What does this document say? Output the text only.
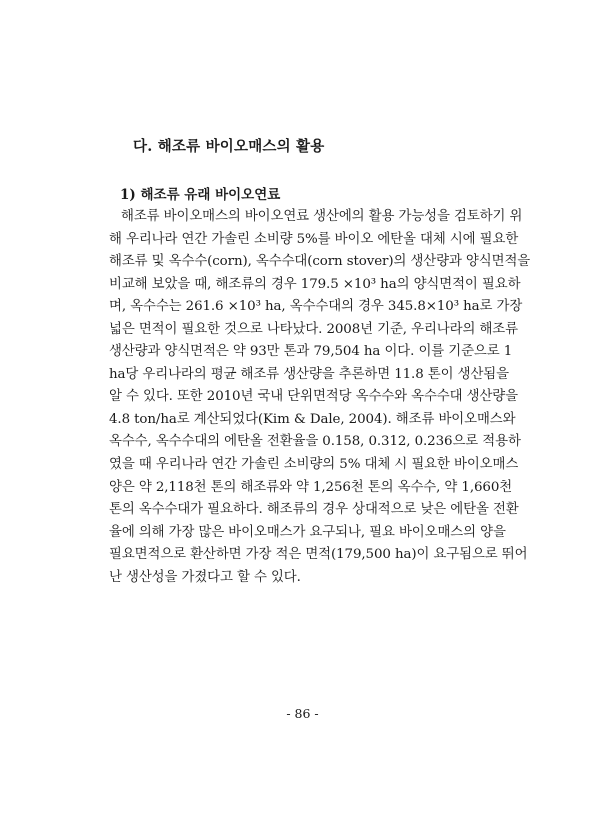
다. 해조류 바이오매스의 활용
1) 해조류 유래 바이오연료
해조류 바이오매스의 바이오연료 생산에의 활용 가능성을 검토하기 위
해 우리나라 연간 가솔린 소비량 5%를 바이오 에탄올 대체 시에 필요한
해조류 및 옥수수(corn), 옥수수대(corn stover)의 생산량과 양식면적을
비교해 보았을 때, 해조류의 경우 179.5 ×10³ ha의 양식면적이 필요하
며, 옥수수는 261.6 ×10³ ha, 옥수수대의 경우 345.8×10³ ha로 가장
넓은 면적이 필요한 것으로 나타났다. 2008년 기준, 우리나라의 해조류
생산량과 양식면적은 약 93만 톤과 79,504 ha 이다. 이를 기준으로 1
ha당 우리나라의 평균 해조류 생산량을 추론하면 11.8 톤이 생산됨을
알 수 있다. 또한 2010년 국내 단위면적당 옥수수와 옥수수대 생산량을
4.8 ton/ha로 계산되었다(Kim & Dale, 2004). 해조류 바이오매스와
옥수수, 옥수수대의 에탄올 전환율을 0.158, 0.312, 0.236으로 적용하
였을 때 우리나라 연간 가솔린 소비량의 5% 대체 시 필요한 바이오매스
양은 약 2,118천 톤의 해조류와 약 1,256천 톤의 옥수수, 약 1,660천
톤의 옥수수대가 필요하다. 해조류의 경우 상대적으로 낮은 에탄올 전환
율에 의해 가장 많은 바이오매스가 요구되나, 필요 바이오매스의 양을
필요면적으로 환산하면 가장 적은 면적(179,500 ha)이 요구됨으로 뛰어
난 생산성을 가졌다고 할 수 있다.
- 86 -
